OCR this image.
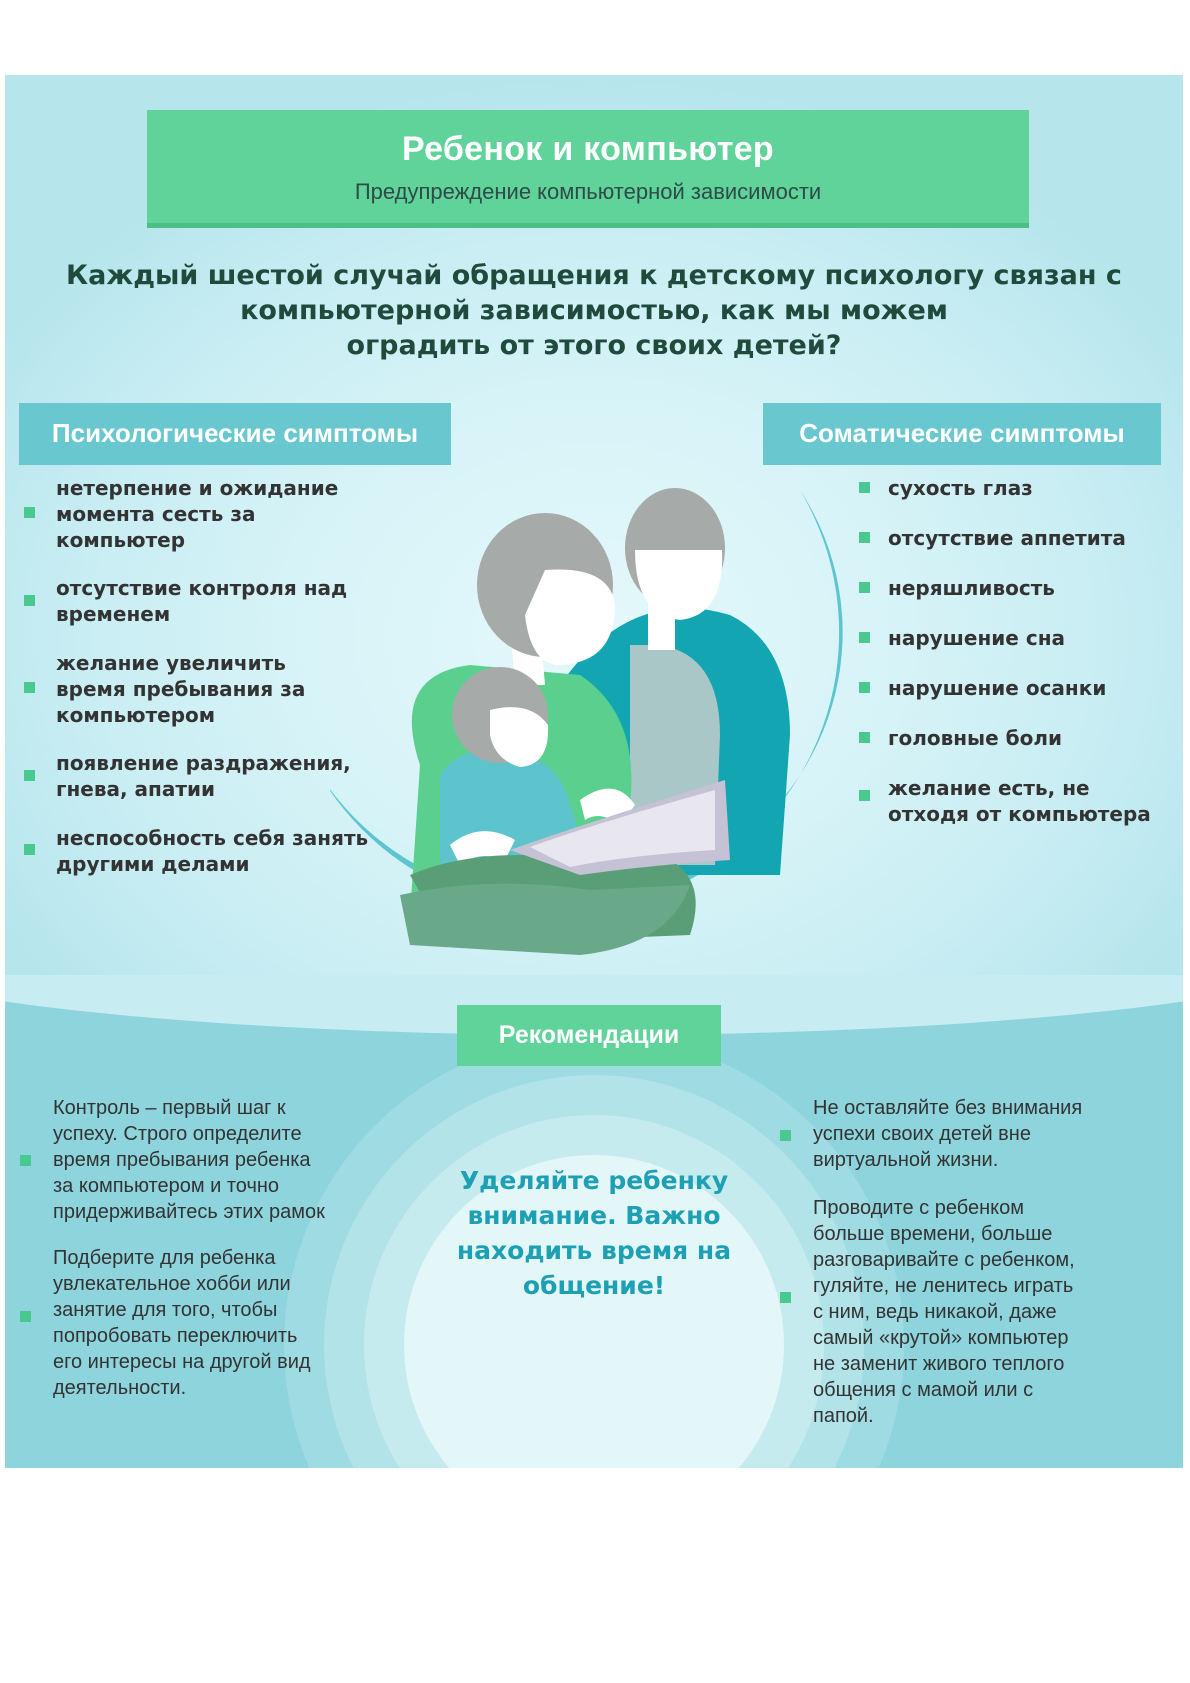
Ребенок и компьютер
Предупреждение компьютерной зависимости
Каждый шестой случай обращения к детскому психологу связан с
компьютерной зависимостью, как мы можем
оградить от этого своих детей?
Психологические симптомы	Соматические симптомы
нетерпение и ожидание
момента сесть за
компьютер
отсутствие контроля над
временем
желание увеличить
время пребывания за
компьютером
появление раздражения,
гнева, апатии
неспособность себя занять
другими делами
сухость глаз
отсутствие аппетита
неряшливость
нарушение сна
нарушение осанки
головные боли
желание есть, не
отходя от компьютера
Рекомендации
Уделяйте ребенку
внимание. Важно
находить время на
общение!
Контроль – первый шаг к
успеху. Строго определите
время пребывания ребенка
за компьютером и точно
придерживайтесь этих рамок
Подберите для ребенка
увлекательное хобби или
занятие для того, чтобы
попробовать переключить
его интересы на другой вид
деятельности.
Не оставляйте без внимания
успехи своих детей вне
виртуальной жизни.
Проводите с ребенком
больше времени, больше
разговаривайте с ребенком,
гуляйте, не ленитесь играть
с ним, ведь никакой, даже
самый «крутой» компьютер
не заменит живого теплого
общения с мамой или с
папой.
